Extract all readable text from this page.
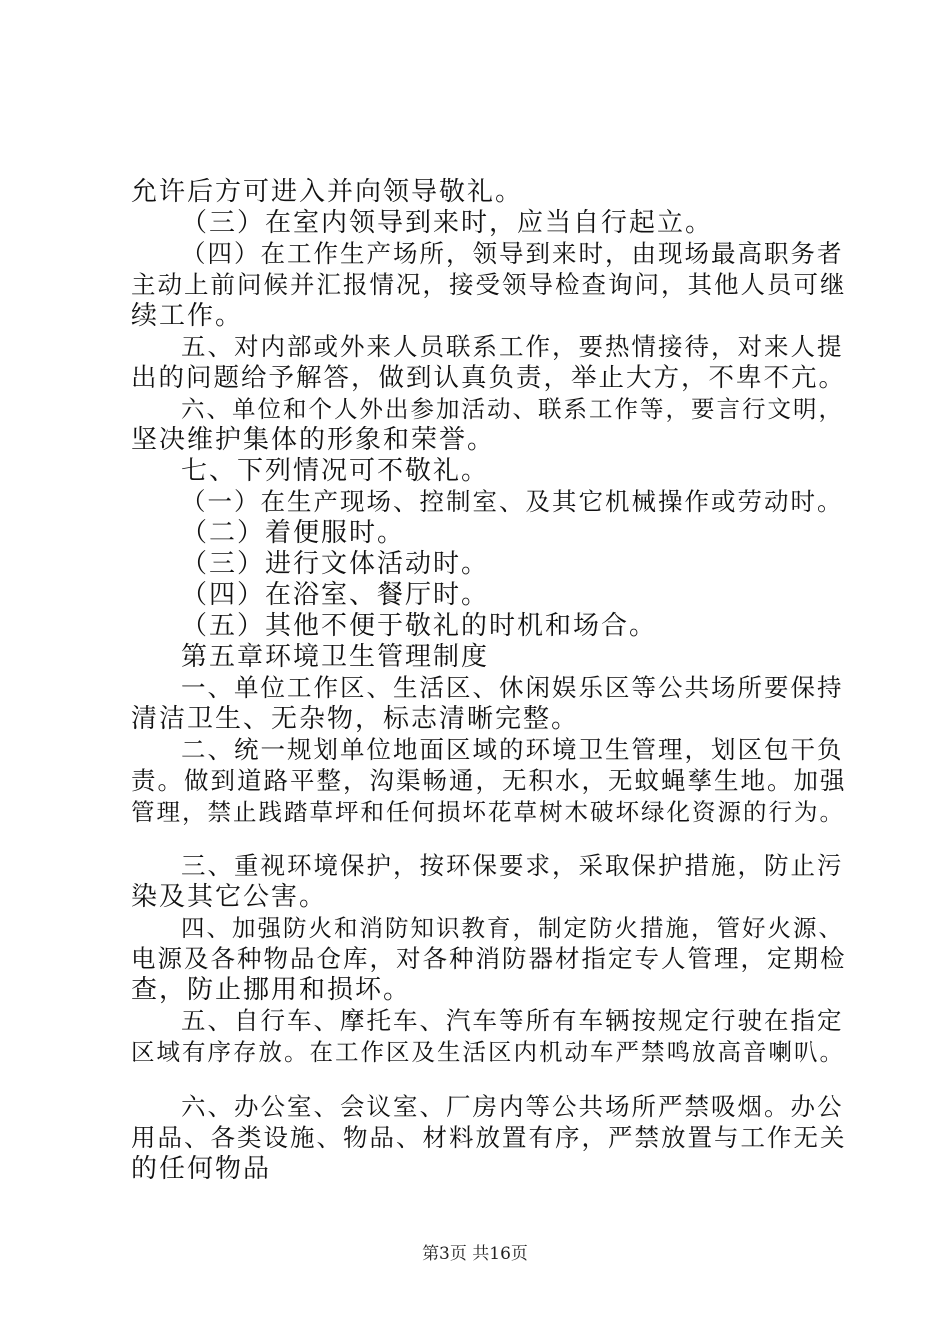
允许后方可进入并向领导敬礼。
（三）在室内领导到来时，应当自行起立。
（四）在工作生产场所，领导到来时，由现场最高职务者
主动上前问候并汇报情况，接受领导检查询问，其他人员可继
续工作。
五、对内部或外来人员联系工作，要热情接待，对来人提
出的问题给予解答，做到认真负责，举止大方，不卑不亢。
六、单位和个人外出参加活动、联系工作等，要言行文明，
坚决维护集体的形象和荣誉。
七、下列情况可不敬礼。
（一）在生产现场、控制室、及其它机械操作或劳动时。
（二）着便服时。
（三）进行文体活动时。
（四）在浴室、餐厅时。
（五）其他不便于敬礼的时机和场合。
第五章环境卫生管理制度
一、单位工作区、生活区、休闲娱乐区等公共场所要保持
清洁卫生、无杂物，标志清晰完整。
二、统一规划单位地面区域的环境卫生管理，划区包干负
责。做到道路平整，沟渠畅通，无积水，无蚊蝇孳生地。加强
管理，禁止践踏草坪和任何损坏花草树木破坏绿化资源的行为。
三、重视环境保护，按环保要求，采取保护措施，防止污
染及其它公害。
四、加强防火和消防知识教育，制定防火措施，管好火源、
电源及各种物品仓库，对各种消防器材指定专人管理，定期检
查，防止挪用和损坏。
五、自行车、摩托车、汽车等所有车辆按规定行驶在指定
区域有序存放。在工作区及生活区内机动车严禁鸣放高音喇叭。
六、办公室、会议室、厂房内等公共场所严禁吸烟。办公
用品、各类设施、物品、材料放置有序，严禁放置与工作无关
的任何物品
第3页 共16页
